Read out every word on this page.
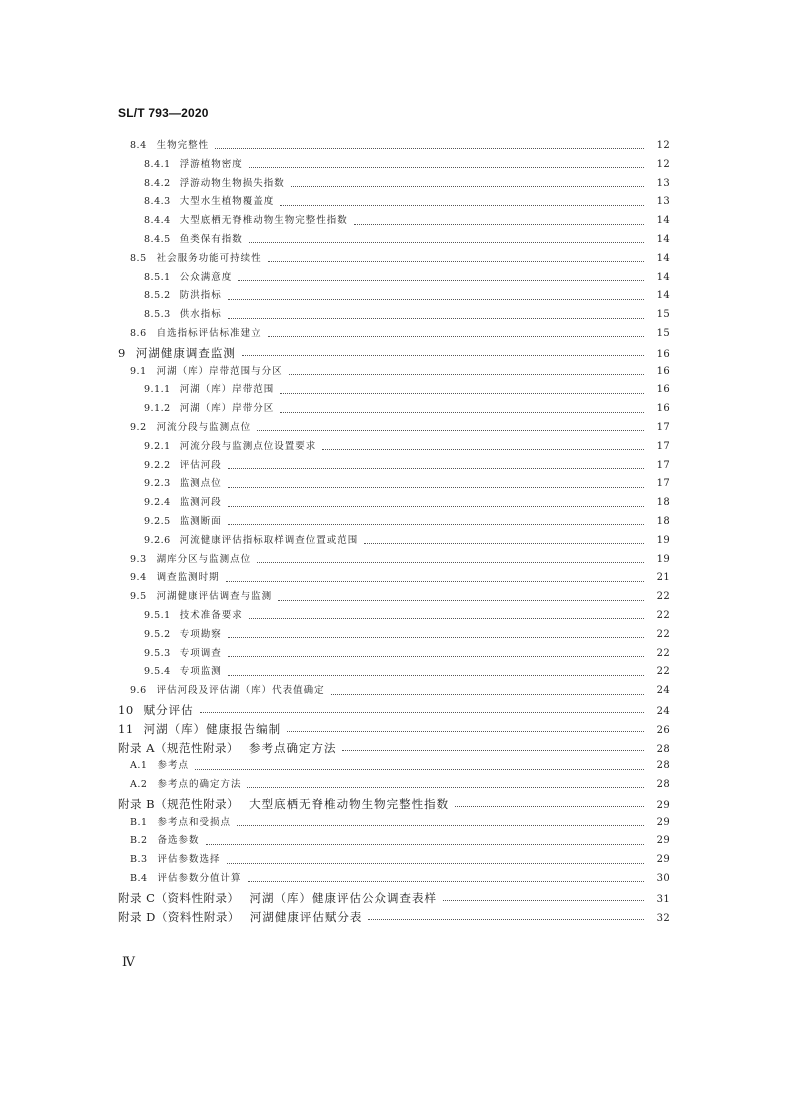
SL/T 793—2020
8.4 生物完整性	12
8.4.1 浮游植物密度	12
8.4.2 浮游动物生物损失指数	13
8.4.3 大型水生植物覆盖度	13
8.4.4 大型底栖无脊椎动物生物完整性指数	14
8.4.5 鱼类保有指数	14
8.5 社会服务功能可持续性	14
8.5.1 公众满意度	14
8.5.2 防洪指标	14
8.5.3 供水指标	15
8.6 自选指标评估标准建立	15
9 河湖健康调查监测	16
9.1 河湖（库）岸带范围与分区	16
9.1.1 河湖（库）岸带范围	16
9.1.2 河湖（库）岸带分区	16
9.2 河流分段与监测点位	17
9.2.1 河流分段与监测点位设置要求	17
9.2.2 评估河段	17
9.2.3 监测点位	17
9.2.4 监测河段	18
9.2.5 监测断面	18
9.2.6 河流健康评估指标取样调查位置或范围	19
9.3 湖库分区与监测点位	19
9.4 调查监测时期	21
9.5 河湖健康评估调查与监测	22
9.5.1 技术准备要求	22
9.5.2 专项勘察	22
9.5.3 专项调查	22
9.5.4 专项监测	22
9.6 评估河段及评估湖（库）代表值确定	24
10 赋分评估	24
11 河湖（库）健康报告编制	26
附录 A（规范性附录） 参考点确定方法	28
A.1 参考点	28
A.2 参考点的确定方法	28
附录 B（规范性附录） 大型底栖无脊椎动物生物完整性指数	29
B.1 参考点和受损点	29
B.2 备选参数	29
B.3 评估参数选择	29
B.4 评估参数分值计算	30
附录 C（资料性附录） 河湖（库）健康评估公众调查表样	31
附录 D（资料性附录） 河湖健康评估赋分表	32
Ⅳ
